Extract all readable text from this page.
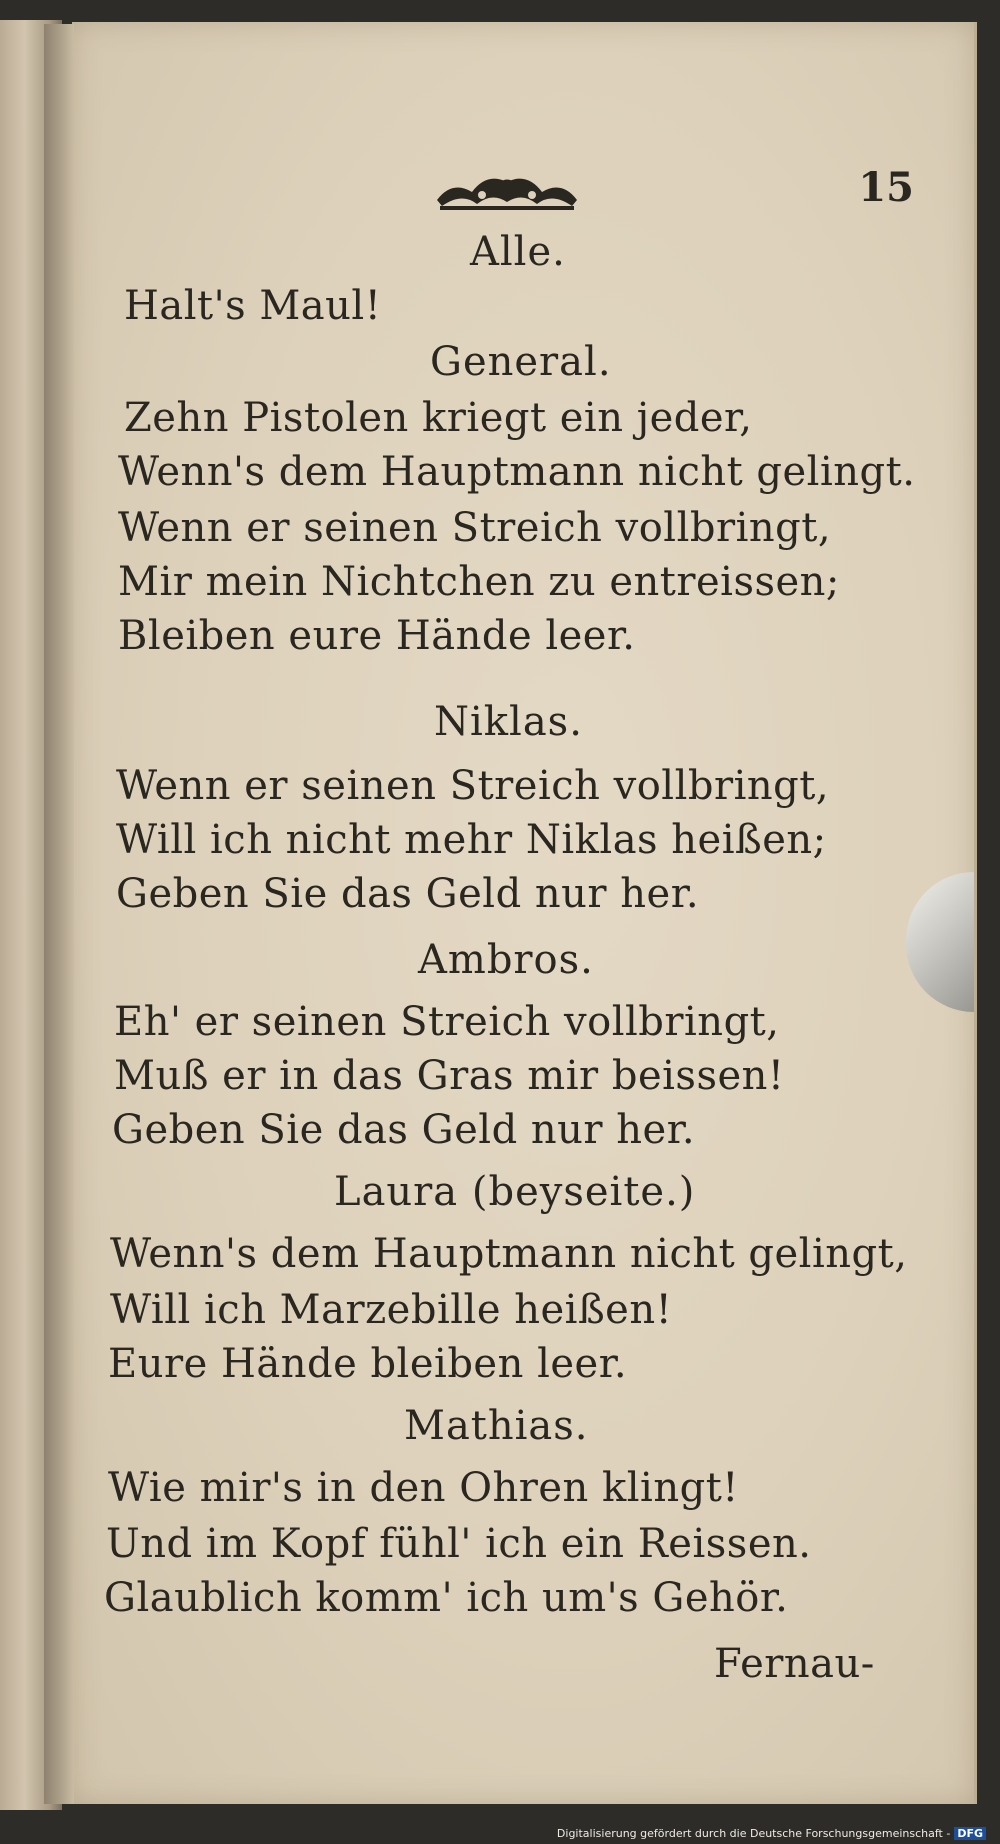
15
Alle.
Halt's Maul!
General.
Zehn Pistolen kriegt ein jeder,
Wenn's dem Hauptmann nicht gelingt.
Wenn er seinen Streich vollbringt,
Mir mein Nichtchen zu entreissen;
Bleiben eure Hände leer.
Niklas.
Wenn er seinen Streich vollbringt,
Will ich nicht mehr Niklas heißen;
Geben Sie das Geld nur her.
Ambros.
Eh' er seinen Streich vollbringt,
Muß er in das Gras mir beissen!
Geben Sie das Geld nur her.
Laura (beyseite.)
Wenn's dem Hauptmann nicht gelingt,
Will ich Marzebille heißen!
Eure Hände bleiben leer.
Mathias.
Wie mir's in den Ohren klingt!
Und im Kopf fühl' ich ein Reissen.
Glaublich komm' ich um's Gehör.
Fernau-
Digitalisierung gefördert durch die Deutsche Forschungsgemeinschaft - DFG
